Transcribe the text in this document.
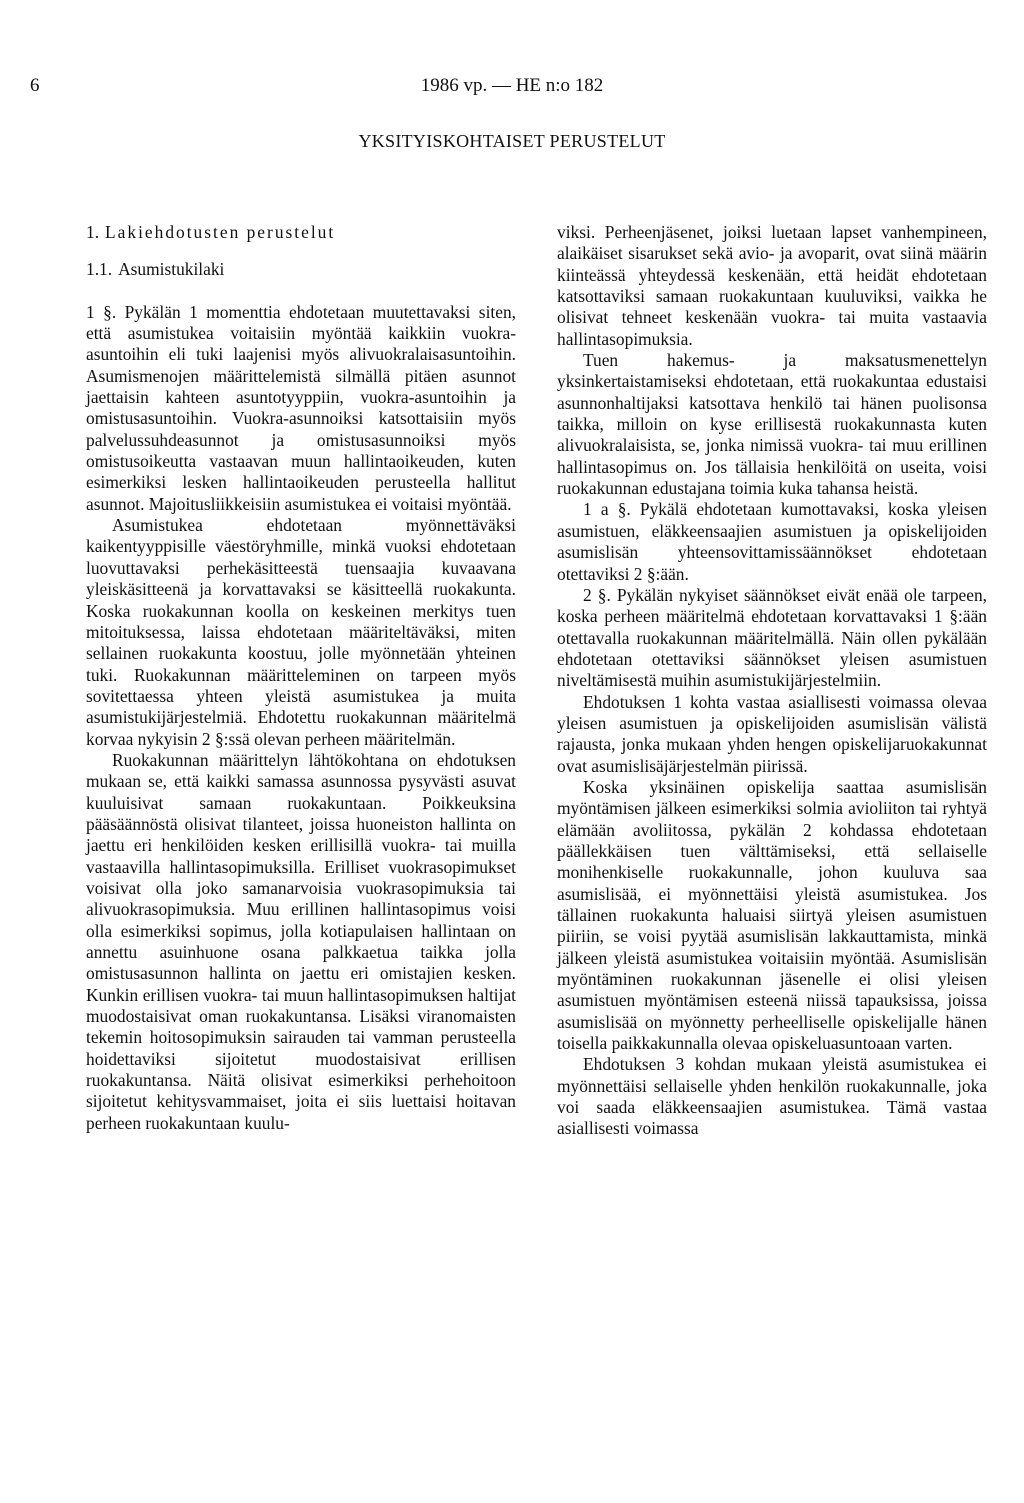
6	1986 vp. — HE n:o 182
YKSITYISKOHTAISET PERUSTELUT
1. Lakiehdotusten perustelut
1.1. Asumistukilaki

1 §. Pykälän 1 momenttia ehdotetaan muutettavaksi siten, että asumistukea voitaisiin myöntää kaikkiin vuokra-asuntoihin eli tuki laajenisi myös alivuokralaisasuntoihin. Asumismenojen määrittelemistä silmällä pitäen asunnot jaettaisin kahteen asuntotyyppiin, vuokra-asuntoihin ja omistusasuntoihin. Vuokra-asunnoiksi katsottaisiin myös palvelussuhdeasunnot ja omistusasunnoiksi myös omistusoikeutta vastaavan muun hallintaoikeuden, kuten esimerkiksi lesken hallintaoikeuden perusteella hallitut asunnot. Majoitusliikkeisiin asumistukea ei voitaisi myöntää.

Asumistukea ehdotetaan myönnettäväksi kaikentyyppisille väestöryhmille, minkä vuoksi ehdotetaan luovuttavaksi perhekäsitteestä tuensaajia kuvaavana yleiskäsitteenä ja korvattavaksi se käsitteellä ruokakunta. Koska ruokakunnan koolla on keskeinen merkitys tuen mitoituksessa, laissa ehdotetaan määriteltäväksi, miten sellainen ruokakunta koostuu, jolle myönnetään yhteinen tuki. Ruokakunnan määritteleminen on tarpeen myös sovitettaessa yhteen yleistä asumistukea ja muita asumistukijärjestelmiä. Ehdotettu ruokakunnan määritelmä korvaa nykyisin 2 §:ssä olevan perheen määritelmän.

Ruokakunnan määrittelyn lähtökohtana on ehdotuksen mukaan se, että kaikki samassa asunnossa pysyvästi asuvat kuuluisivat samaan ruokakuntaan. Poikkeuksina pääsäännöstä olisivat tilanteet, joissa huoneiston hallinta on jaettu eri henkilöiden kesken erillisillä vuokra- tai muilla vastaavilla hallintasopimuksilla. Erilliset vuokrasopimukset voisivat olla joko samanarvoisia vuokrasopimuksia tai alivuokrasopimuksia. Muu erillinen hallintasopimus voisi olla esimerkiksi sopimus, jolla kotiapulaisen hallintaan on annettu asuinhuone osana palkkaetua taikka jolla omistusasunnon hallinta on jaettu eri omistajien kesken. Kunkin erillisen vuokra- tai muun hallintasopimuksen haltijat muodostaisivat oman ruokakuntansa. Lisäksi viranomaisten tekemin hoitosopimuksin sairauden tai vamman perusteella hoidettaviksi sijoitetut muodostaisivat erillisen ruokakuntansa. Näitä olisivat esimerkiksi perhehoitoon sijoitetut kehitysvammaiset, joita ei siis luettaisi hoitavan perheen ruokakuntaan kuulu-

viksi. Perheenjäsenet, joiksi luetaan lapset vanhempineen, alaikäiset sisarukset sekä avio- ja avoparit, ovat siinä määrin kiinteässä yhteydessä keskenään, että heidät ehdotetaan katsottaviksi samaan ruokakuntaan kuuluviksi, vaikka he olisivat tehneet keskenään vuokra- tai muita vastaavia hallintasopimuksia.

Tuen hakemus- ja maksatusmenettelyn yksinkertaistamiseksi ehdotetaan, että ruokakuntaa edustaisi asunnonhaltijaksi katsottava henkilö tai hänen puolisonsa taikka, milloin on kyse erillisestä ruokakunnasta kuten alivuokralaisista, se, jonka nimissä vuokra- tai muu erillinen hallintasopimus on. Jos tällaisia henkilöitä on useita, voisi ruokakunnan edustajana toimia kuka tahansa heistä.

1 a §. Pykälä ehdotetaan kumottavaksi, koska yleisen asumistuen, eläkkeensaajien asumistuen ja opiskelijoiden asumislisän yhteensovittamissäännökset ehdotetaan otettaviksi 2 §:ään.

2 §. Pykälän nykyiset säännökset eivät enää ole tarpeen, koska perheen määritelmä ehdotetaan korvattavaksi 1 §:ään otettavalla ruokakunnan määritelmällä. Näin ollen pykälään ehdotetaan otettaviksi säännökset yleisen asumistuen niveltämisestä muihin asumistukijärjestelmiin.

Ehdotuksen 1 kohta vastaa asiallisesti voimassa olevaa yleisen asumistuen ja opiskelijoiden asumislisän välistä rajausta, jonka mukaan yhden hengen opiskelijaruokakunnat ovat asumislisäjärjestelmän piirissä.

Koska yksinäinen opiskelija saattaa asumislisän myöntämisen jälkeen esimerkiksi solmia avioliiton tai ryhtyä elämään avoliitossa, pykälän 2 kohdassa ehdotetaan päällekkäisen tuen välttämiseksi, että sellaiselle monihenkiselle ruokakunnalle, johon kuuluva saa asumislisää, ei myönnettäisi yleistä asumistukea. Jos tällainen ruokakunta haluaisi siirtyä yleisen asumistuen piiriin, se voisi pyytää asumislisän lakkauttamista, minkä jälkeen yleistä asumistukea voitaisiin myöntää. Asumislisän myöntäminen ruokakunnan jäsenelle ei olisi yleisen asumistuen myöntämisen esteenä niissä tapauksissa, joissa asumislisää on myönnetty perheelliselle opiskelijalle hänen toisella paikkakunnalla olevaa opiskeluasuntoaan varten.

Ehdotuksen 3 kohdan mukaan yleistä asumistukea ei myönnettäisi sellaiselle yhden henkilön ruokakunnalle, joka voi saada eläkkeensaajien asumistukea. Tämä vastaa asiallisesti voimassa
